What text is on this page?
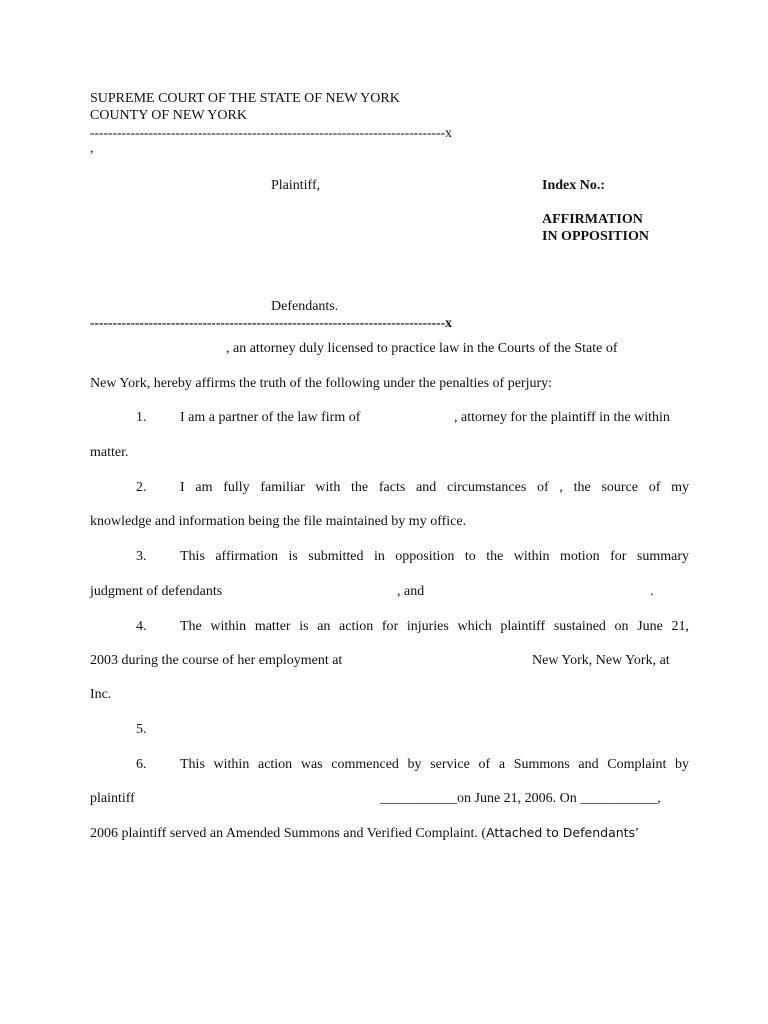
SUPREME COURT OF THE STATE OF NEW YORK
COUNTY OF NEW YORK
-------------------------------------------------------------------------------x
,
Plaintiff,	Index No.:
AFFIRMATION
IN OPPOSITION
Defendants.
-------------------------------------------------------------------------------x
, an attorney duly licensed to practice law in the Courts of the State of
New York, hereby affirms the truth of the following under the penalties of perjury:
1. I am a partner of the law firm of	, attorney for the plaintiff in the within
matter.
2. I am fully familiar with the facts and circumstances of , the source of my
knowledge and information being the file maintained by my office.
3. This affirmation is submitted in opposition to the within motion for summary
judgment of defendants	, and	.
4. The within matter is an action for injuries which plaintiff sustained on June 21,
2003 during the course of her employment at	New York, New York, at
Inc.
5.
6. This within action was commenced by service of a Summons and Complaint by
plaintiff	___________on June 21, 2006. On ___________,
2006 plaintiff served an Amended Summons and Verified Complaint. (Attached to Defendants’
